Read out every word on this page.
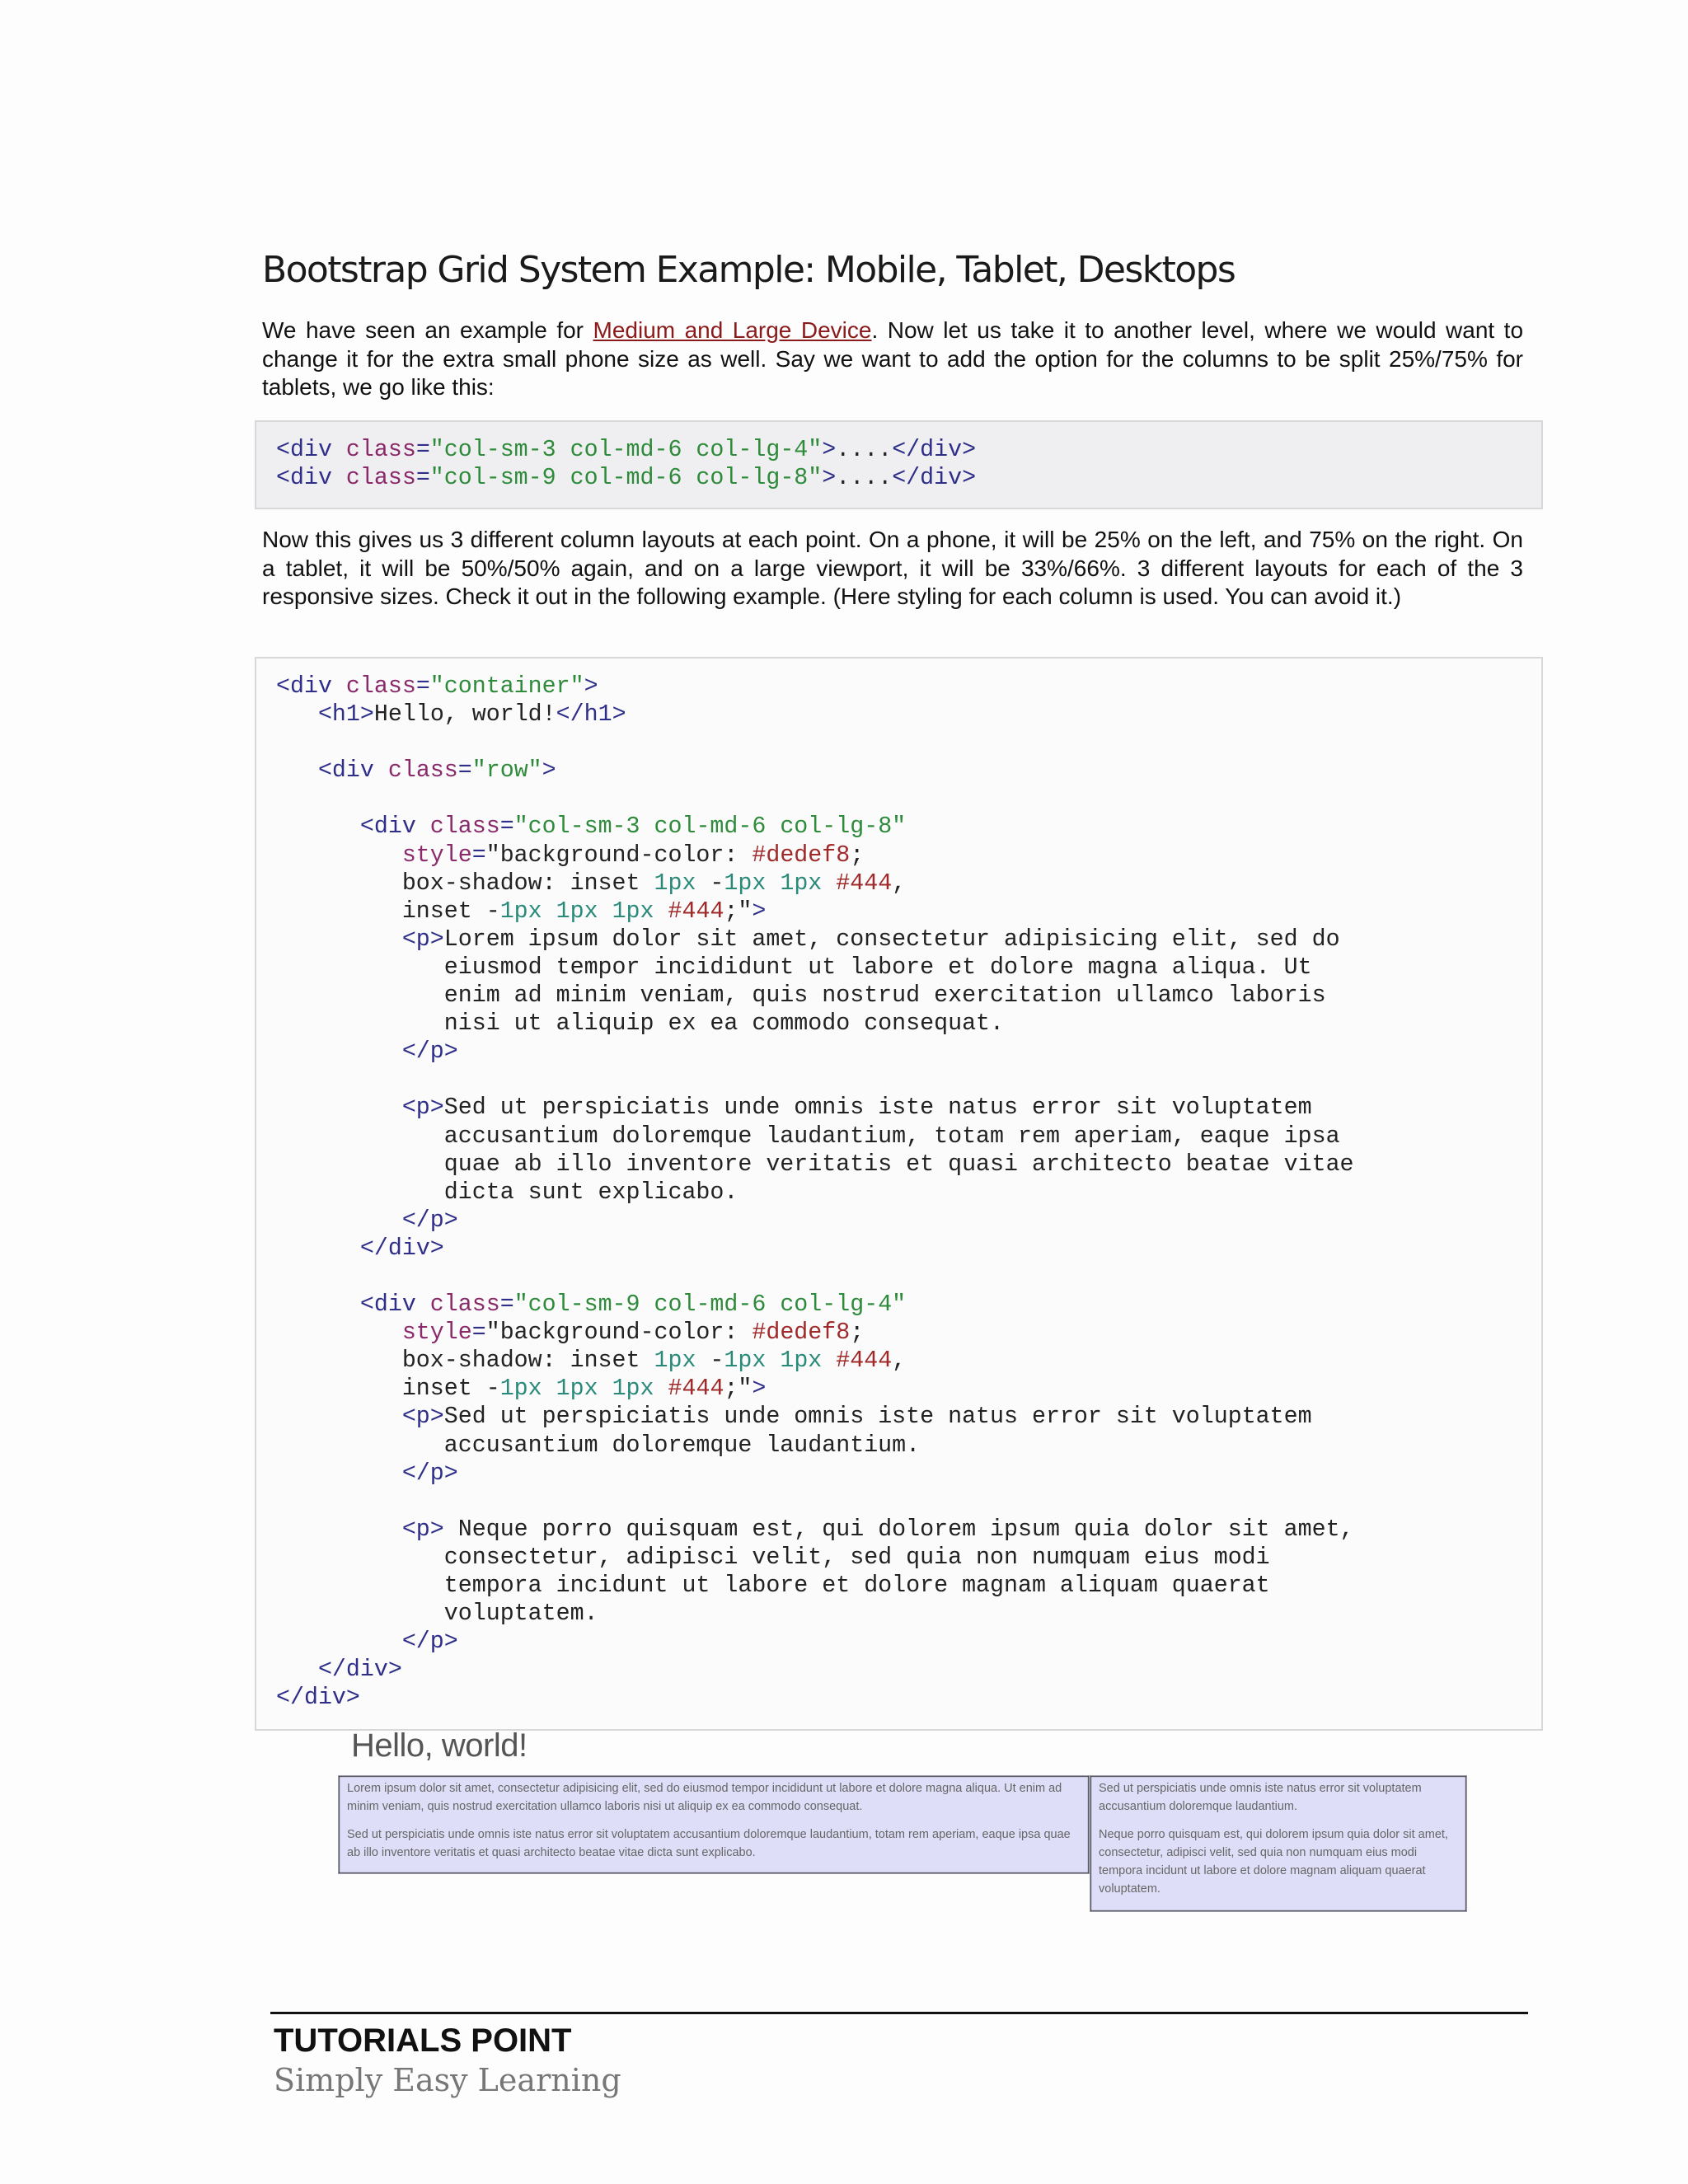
Bootstrap Grid System Example: Mobile, Tablet, Desktops

We have seen an example for Medium and Large Device. Now let us take it to another level, where we would want to change it for the extra small phone size as well. Say we want to add the option for the columns to be split 25%/75% for tablets, we go like this:

<div class="col-sm-3 col-md-6 col-lg-4">....</div>
<div class="col-sm-9 col-md-6 col-lg-8">....</div>

Now this gives us 3 different column layouts at each point. On a phone, it will be 25% on the left, and 75% on the right. On a tablet, it will be 50%/50% again, and on a large viewport, it will be 33%/66%. 3 different layouts for each of the 3 responsive sizes. Check it out in the following example. (Here styling for each column is used. You can avoid it.)

<div class="container">
<h1>Hello, world!</h1>

<div class="row">

<div class="col-sm-3 col-md-6 col-lg-8"
style="background-color: #dedef8;
box-shadow: inset 1px -1px 1px #444,
inset -1px 1px 1px #444;">
<p>Lorem ipsum dolor sit amet, consectetur adipisicing elit, sed do
eiusmod tempor incididunt ut labore et dolore magna aliqua. Ut
enim ad minim veniam, quis nostrud exercitation ullamco laboris
nisi ut aliquip ex ea commodo consequat.
</p>

<p>Sed ut perspiciatis unde omnis iste natus error sit voluptatem
accusantium doloremque laudantium, totam rem aperiam, eaque ipsa
quae ab illo inventore veritatis et quasi architecto beatae vitae
dicta sunt explicabo.
</p>
</div>

<div class="col-sm-9 col-md-6 col-lg-4"
style="background-color: #dedef8;
box-shadow: inset 1px -1px 1px #444,
inset -1px 1px 1px #444;">
<p>Sed ut perspiciatis unde omnis iste natus error sit voluptatem
accusantium doloremque laudantium.
</p>

<p> Neque porro quisquam est, qui dolorem ipsum quia dolor sit amet,
consectetur, adipisci velit, sed quia non numquam eius modi
tempora incidunt ut labore et dolore magnam aliquam quaerat
voluptatem.
</p>
</div>
</div>
Hello, world!

Lorem ipsum dolor sit amet, consectetur adipisicing elit, sed do eiusmod tempor incididunt ut labore et dolore magna aliqua. Ut enim ad minim veniam, quis nostrud exercitation ullamco laboris nisi ut aliquip ex ea commodo consequat.

Sed ut perspiciatis unde omnis iste natus error sit voluptatem accusantium doloremque laudantium, totam rem aperiam, eaque ipsa quae ab illo inventore veritatis et quasi architecto beatae vitae dicta sunt explicabo.

Sed ut perspiciatis unde omnis iste natus error sit voluptatem accusantium doloremque laudantium.

Neque porro quisquam est, qui dolorem ipsum quia dolor sit amet, consectetur, adipisci velit, sed quia non numquam eius modi tempora incidunt ut labore et dolore magnam aliquam quaerat voluptatem.

TUTORIALS POINT
Simply Easy Learning
